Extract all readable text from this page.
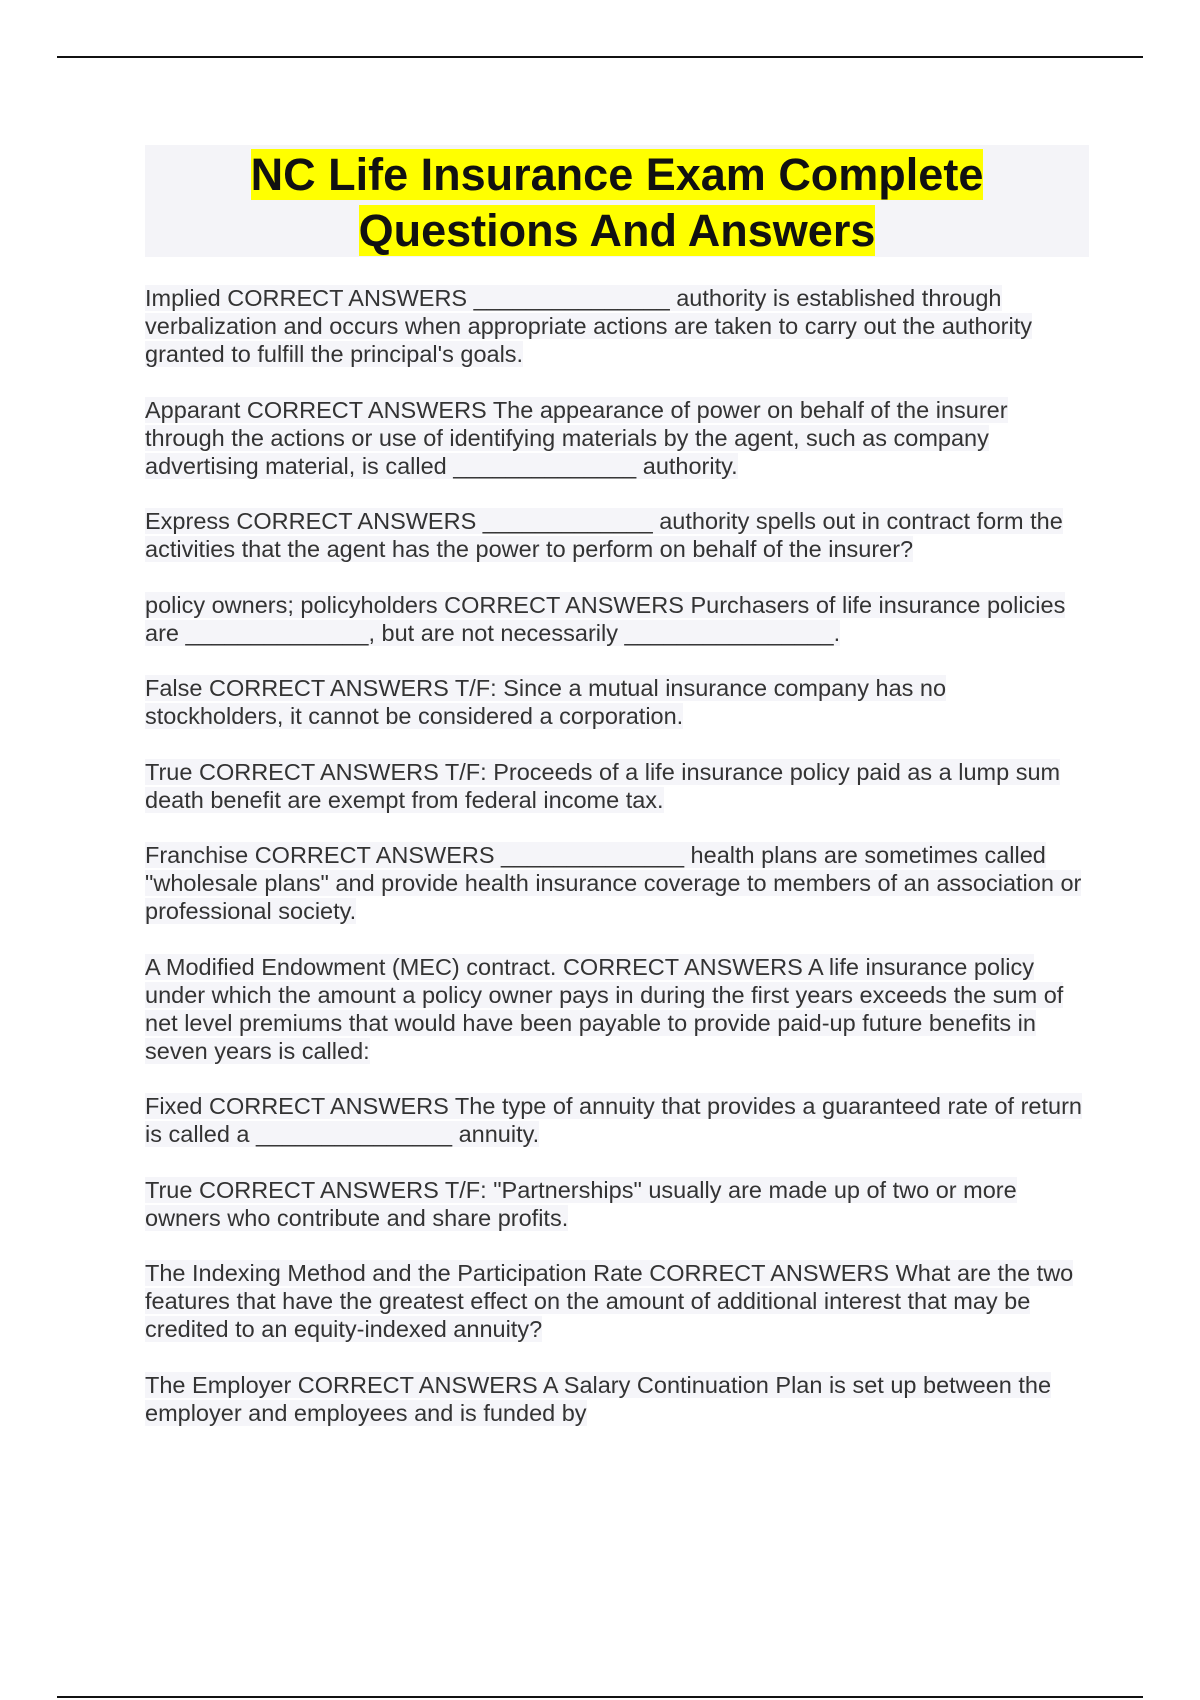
NC Life Insurance Exam Complete
Questions And Answers

Implied CORRECT ANSWERS _______________ authority is established through verbalization and occurs when appropriate actions are taken to carry out the authority granted to fulfill the principal's goals.

Apparant CORRECT ANSWERS The appearance of power on behalf of the insurer through the actions or use of identifying materials by the agent, such as company advertising material, is called ______________ authority.

Express CORRECT ANSWERS _____________ authority spells out in contract form the activities that the agent has the power to perform on behalf of the insurer?

policy owners; policyholders CORRECT ANSWERS Purchasers of life insurance policies are ______________, but are not necessarily ________________.

False CORRECT ANSWERS T/F: Since a mutual insurance company has no stockholders, it cannot be considered a corporation.

True CORRECT ANSWERS T/F: Proceeds of a life insurance policy paid as a lump sum death benefit are exempt from federal income tax.

Franchise CORRECT ANSWERS ______________ health plans are sometimes called "wholesale plans" and provide health insurance coverage to members of an association or professional society.

A Modified Endowment (MEC) contract. CORRECT ANSWERS A life insurance policy under which the amount a policy owner pays in during the first years exceeds the sum of net level premiums that would have been payable to provide paid-up future benefits in seven years is called:

Fixed CORRECT ANSWERS The type of annuity that provides a guaranteed rate of return is called a _______________ annuity.

True CORRECT ANSWERS T/F: "Partnerships" usually are made up of two or more owners who contribute and share profits.

The Indexing Method and the Participation Rate CORRECT ANSWERS What are the two features that have the greatest effect on the amount of additional interest that may be credited to an equity-indexed annuity?

The Employer CORRECT ANSWERS A Salary Continuation Plan is set up between the employer and employees and is funded by
